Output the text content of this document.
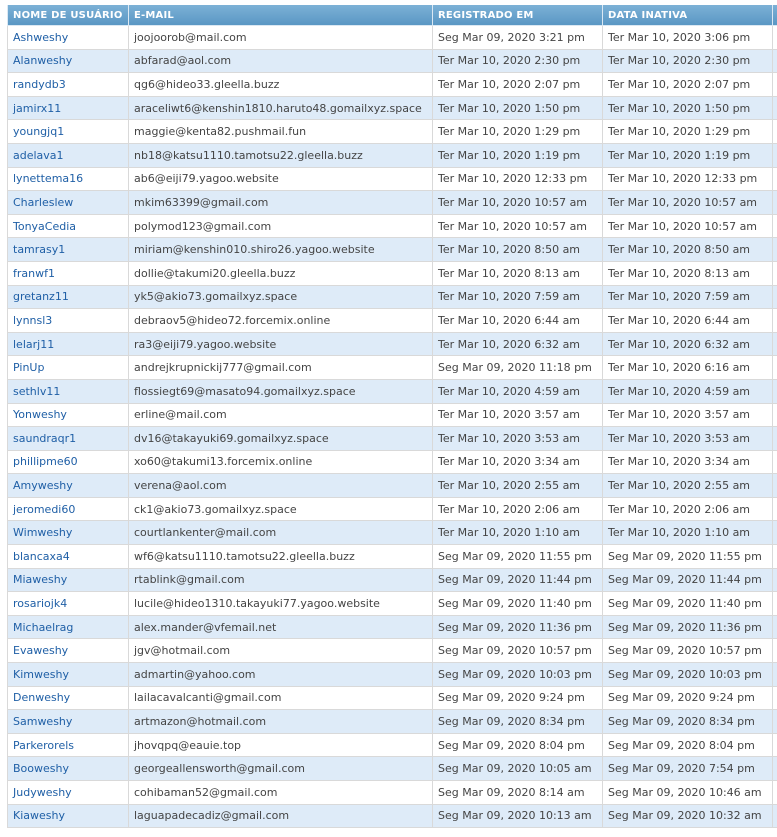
NOME DE USUÁRIO	E-MAIL	REGISTRADO EM	DATA INATIVA	
Ashweshy	joojoorob@mail.com	Seg Mar 09, 2020 3:21 pm	Ter Mar 10, 2020 3:06 pm	
Alanweshy	abfarad@aol.com	Ter Mar 10, 2020 2:30 pm	Ter Mar 10, 2020 2:30 pm	
randydb3	qg6@hideo33.gleella.buzz	Ter Mar 10, 2020 2:07 pm	Ter Mar 10, 2020 2:07 pm	
jamirx11	araceliwt6@kenshin1810.haruto48.gomailxyz.space	Ter Mar 10, 2020 1:50 pm	Ter Mar 10, 2020 1:50 pm	
youngjq1	maggie@kenta82.pushmail.fun	Ter Mar 10, 2020 1:29 pm	Ter Mar 10, 2020 1:29 pm	
adelava1	nb18@katsu1110.tamotsu22.gleella.buzz	Ter Mar 10, 2020 1:19 pm	Ter Mar 10, 2020 1:19 pm	
lynettema16	ab6@eiji79.yagoo.website	Ter Mar 10, 2020 12:33 pm	Ter Mar 10, 2020 12:33 pm	
Charleslew	mkim63399@gmail.com	Ter Mar 10, 2020 10:57 am	Ter Mar 10, 2020 10:57 am	
TonyaCedia	polymod123@gmail.com	Ter Mar 10, 2020 10:57 am	Ter Mar 10, 2020 10:57 am	
tamrasy1	miriam@kenshin010.shiro26.yagoo.website	Ter Mar 10, 2020 8:50 am	Ter Mar 10, 2020 8:50 am	
franwf1	dollie@takumi20.gleella.buzz	Ter Mar 10, 2020 8:13 am	Ter Mar 10, 2020 8:13 am	
gretanz11	yk5@akio73.gomailxyz.space	Ter Mar 10, 2020 7:59 am	Ter Mar 10, 2020 7:59 am	
lynnsl3	debraov5@hideo72.forcemix.online	Ter Mar 10, 2020 6:44 am	Ter Mar 10, 2020 6:44 am	
lelarj11	ra3@eiji79.yagoo.website	Ter Mar 10, 2020 6:32 am	Ter Mar 10, 2020 6:32 am	
PinUp	andrejkrupnickij777@gmail.com	Seg Mar 09, 2020 11:18 pm	Ter Mar 10, 2020 6:16 am	
sethlv11	flossiegt69@masato94.gomailxyz.space	Ter Mar 10, 2020 4:59 am	Ter Mar 10, 2020 4:59 am	
Yonweshy	erline@mail.com	Ter Mar 10, 2020 3:57 am	Ter Mar 10, 2020 3:57 am	
saundraqr1	dv16@takayuki69.gomailxyz.space	Ter Mar 10, 2020 3:53 am	Ter Mar 10, 2020 3:53 am	
phillipme60	xo60@takumi13.forcemix.online	Ter Mar 10, 2020 3:34 am	Ter Mar 10, 2020 3:34 am	
Amyweshy	verena@aol.com	Ter Mar 10, 2020 2:55 am	Ter Mar 10, 2020 2:55 am	
jeromedi60	ck1@akio73.gomailxyz.space	Ter Mar 10, 2020 2:06 am	Ter Mar 10, 2020 2:06 am	
Wimweshy	courtlankenter@mail.com	Ter Mar 10, 2020 1:10 am	Ter Mar 10, 2020 1:10 am	
blancaxa4	wf6@katsu1110.tamotsu22.gleella.buzz	Seg Mar 09, 2020 11:55 pm	Seg Mar 09, 2020 11:55 pm	
Miaweshy	rtablink@gmail.com	Seg Mar 09, 2020 11:44 pm	Seg Mar 09, 2020 11:44 pm	
rosariojk4	lucile@hideo1310.takayuki77.yagoo.website	Seg Mar 09, 2020 11:40 pm	Seg Mar 09, 2020 11:40 pm	
Michaelrag	alex.mander@vfemail.net	Seg Mar 09, 2020 11:36 pm	Seg Mar 09, 2020 11:36 pm	
Evaweshy	jgv@hotmail.com	Seg Mar 09, 2020 10:57 pm	Seg Mar 09, 2020 10:57 pm	
Kimweshy	admartin@yahoo.com	Seg Mar 09, 2020 10:03 pm	Seg Mar 09, 2020 10:03 pm	
Denweshy	lailacavalcanti@gmail.com	Seg Mar 09, 2020 9:24 pm	Seg Mar 09, 2020 9:24 pm	
Samweshy	artmazon@hotmail.com	Seg Mar 09, 2020 8:34 pm	Seg Mar 09, 2020 8:34 pm	
Parkerorels	jhovqpq@eauie.top	Seg Mar 09, 2020 8:04 pm	Seg Mar 09, 2020 8:04 pm	
Booweshy	georgeallensworth@gmail.com	Seg Mar 09, 2020 10:05 am	Seg Mar 09, 2020 7:54 pm	
Judyweshy	cohibaman52@gmail.com	Seg Mar 09, 2020 8:14 am	Seg Mar 09, 2020 10:46 am	
Kiaweshy	laguapadecadiz@gmail.com	Seg Mar 09, 2020 10:13 am	Seg Mar 09, 2020 10:32 am	
